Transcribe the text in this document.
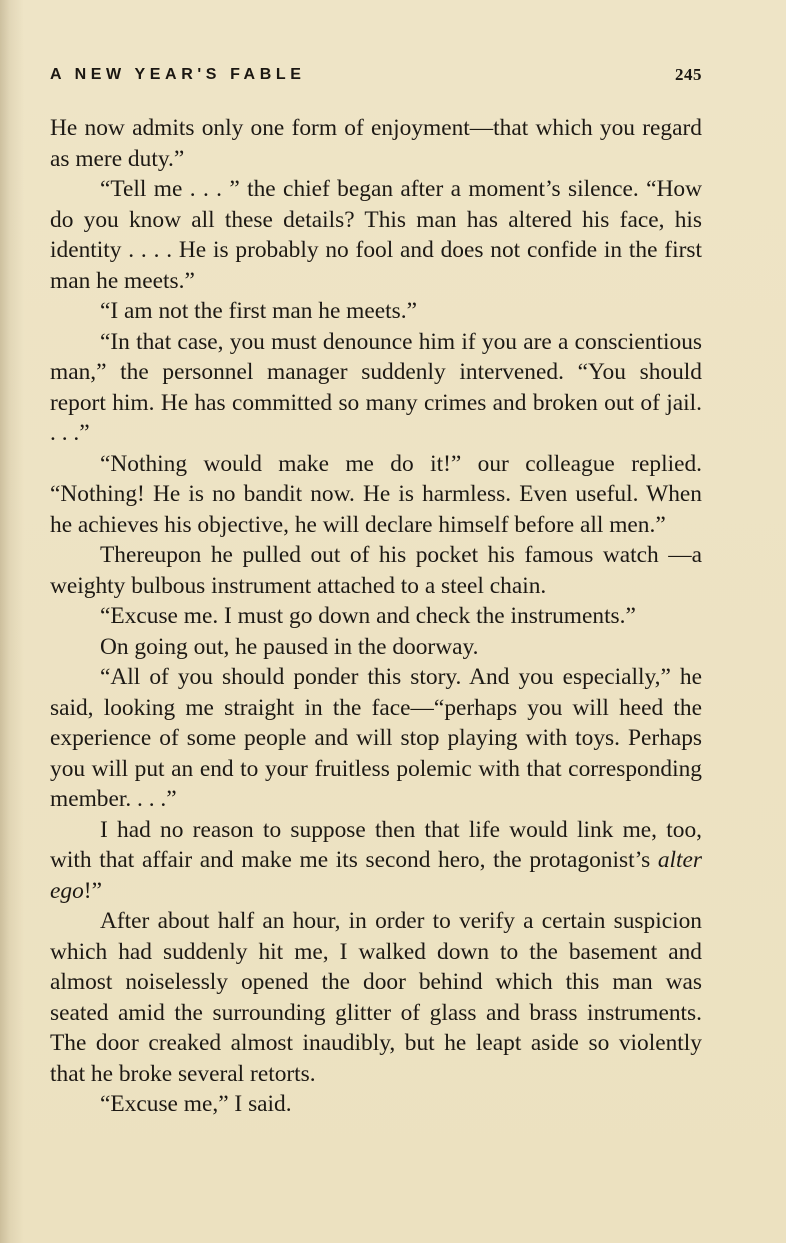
A NEW YEAR'S FABLE	245

He now admits only one form of enjoyment—that which you regard as mere duty.”

“Tell me . . . ” the chief began after a moment’s silence. “How do you know all these details? This man has altered his face, his identity . . . . He is probably no fool and does not confide in the first man he meets.”

“I am not the first man he meets.”

“In that case, you must denounce him if you are a conscientious man,” the personnel manager suddenly intervened. “You should report him. He has committed so many crimes and broken out of jail. . . .”

“Nothing would make me do it!” our colleague replied. “Nothing! He is no bandit now. He is harmless. Even useful. When he achieves his objective, he will declare himself before all men.”

Thereupon he pulled out of his pocket his famous watch —a weighty bulbous instrument attached to a steel chain.

“Excuse me. I must go down and check the instruments.”

On going out, he paused in the doorway.

“All of you should ponder this story. And you especially,” he said, looking me straight in the face—“perhaps you will heed the experience of some people and will stop playing with toys. Perhaps you will put an end to your fruitless polemic with that corresponding member. . . .”

I had no reason to suppose then that life would link me, too, with that affair and make me its second hero, the protagonist’s alter ego!”

After about half an hour, in order to verify a certain suspicion which had suddenly hit me, I walked down to the basement and almost noiselessly opened the door behind which this man was seated amid the surrounding glitter of glass and brass instruments. The door creaked almost inaudibly, but he leapt aside so violently that he broke several retorts.

“Excuse me,” I said.
